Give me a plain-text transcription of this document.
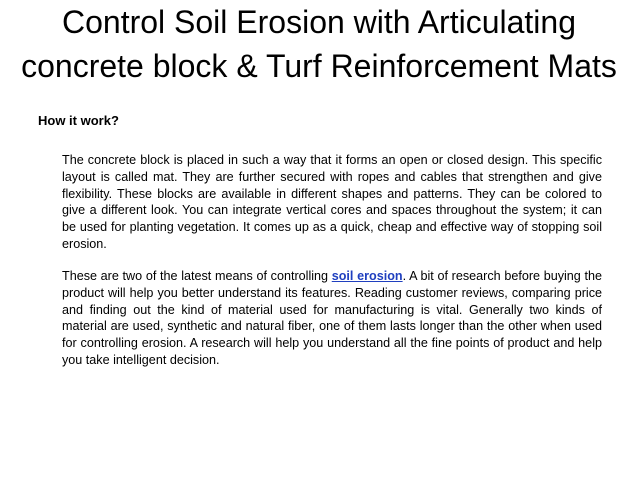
Control Soil Erosion with Articulating concrete block & Turf Reinforcement Mats
How it work?
The concrete block is placed in such a way that it forms an open or closed design. This specific layout is called mat. They are further secured with ropes and cables that strengthen and give flexibility. These blocks are available in different shapes and patterns. They can be colored to give a different look. You can integrate vertical cores and spaces throughout the system; it can be used for planting vegetation. It comes up as a quick, cheap and effective way of stopping soil erosion.
These are two of the latest means of controlling soil erosion. A bit of research before buying the product will help you better understand its features. Reading customer reviews, comparing price and finding out the kind of material used for manufacturing is vital. Generally two kinds of material are used, synthetic and natural fiber, one of them lasts longer than the other when used for controlling erosion. A research will help you understand all the fine points of product and help you take intelligent decision.
